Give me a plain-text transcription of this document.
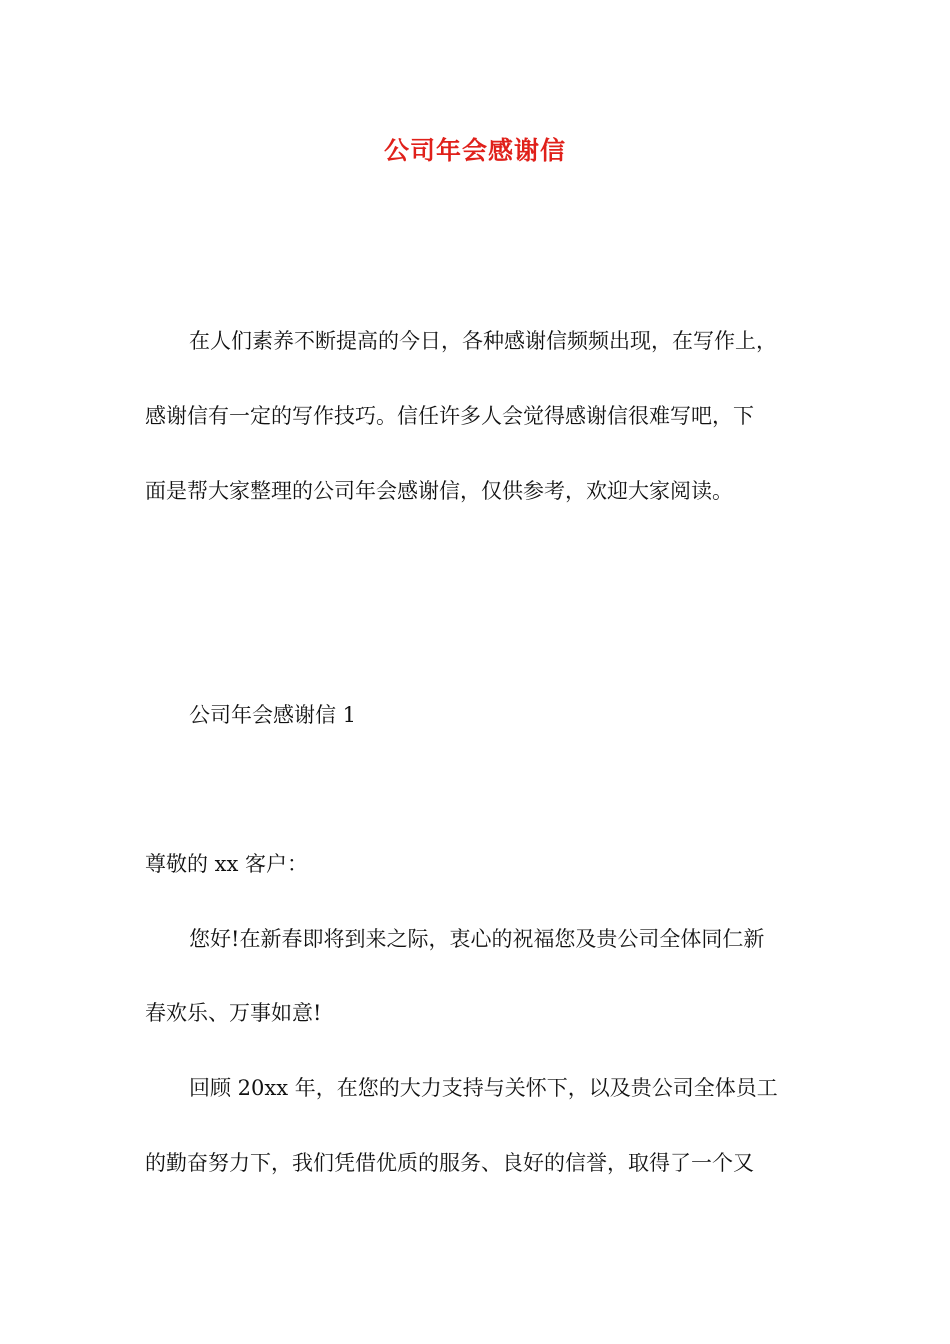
公司年会感谢信
在人们素养不断提高的今日，各种感谢信频频出现，在写作上，
感谢信有一定的写作技巧。信任许多人会觉得感谢信很难写吧，下
面是帮大家整理的公司年会感谢信，仅供参考，欢迎大家阅读。
公司年会感谢信 1
尊敬的 xx 客户：
您好!在新春即将到来之际，衷心的祝福您及贵公司全体同仁新
春欢乐、万事如意!
回顾 20xx 年，在您的大力支持与关怀下，以及贵公司全体员工
的勤奋努力下，我们凭借优质的服务、良好的信誉，取得了一个又
